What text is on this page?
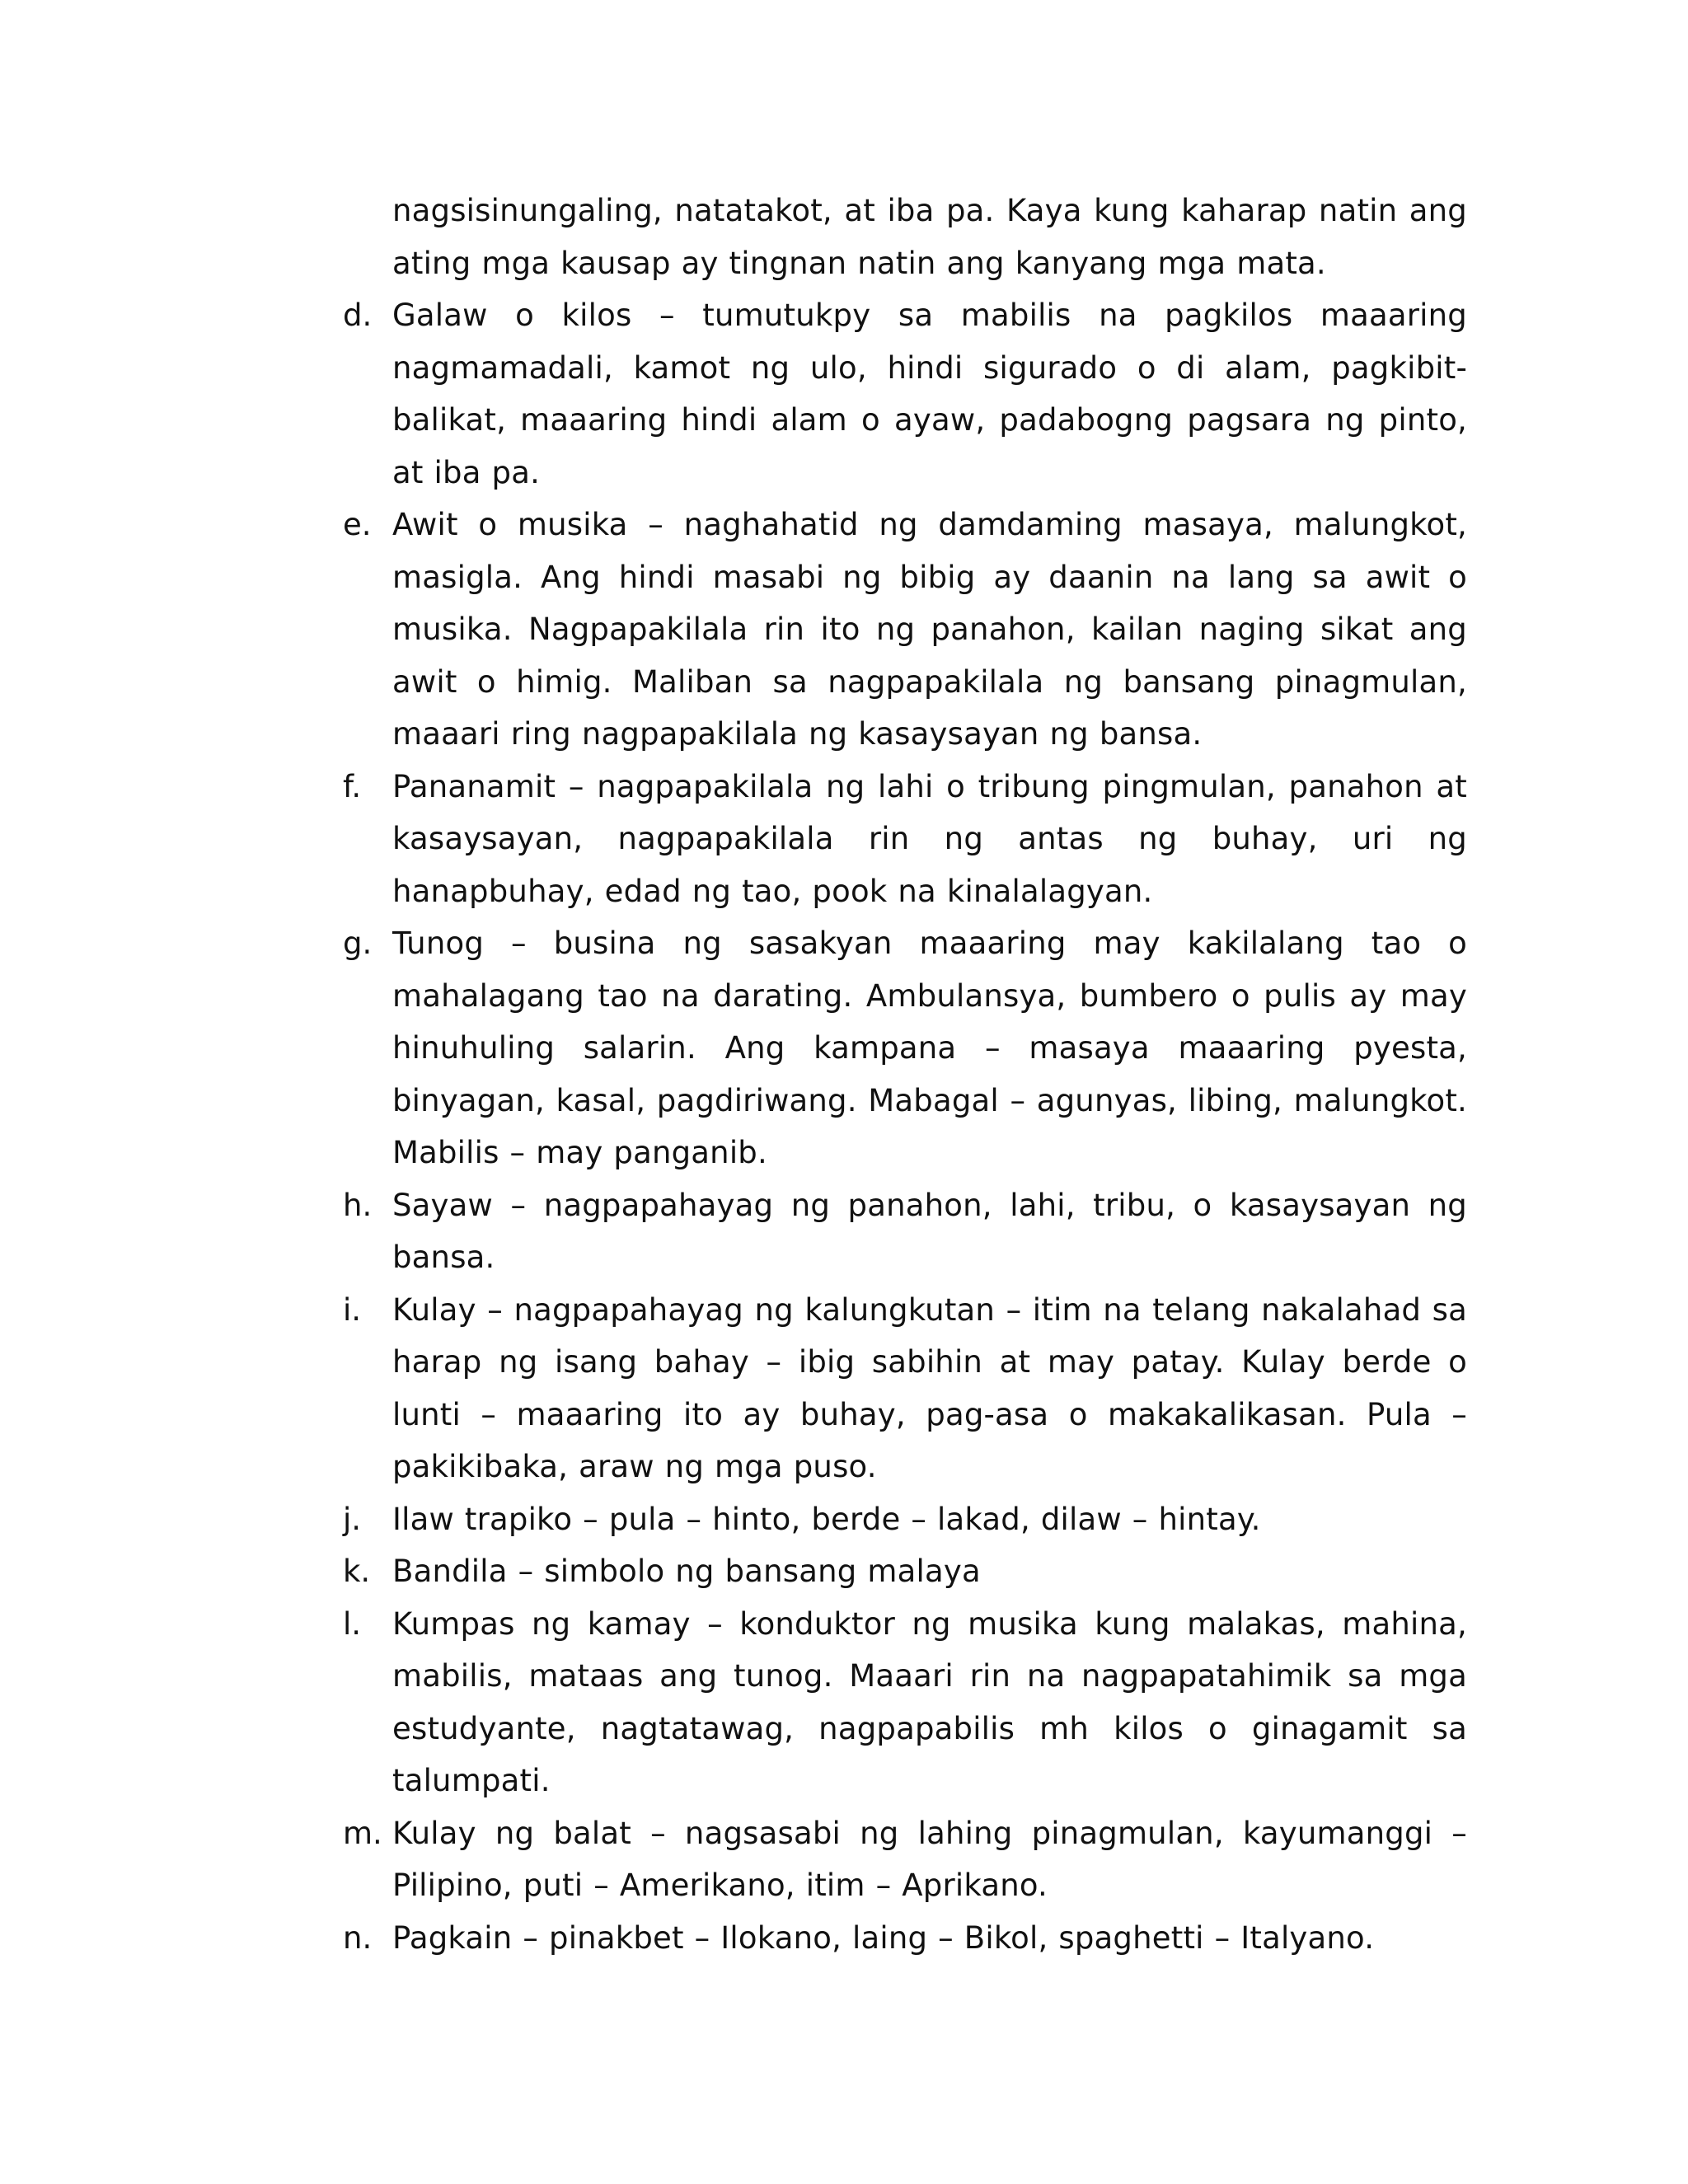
nagsisinungaling, natatakot, at iba pa. Kaya kung kaharap natin ang ating mga kausap ay tingnan natin ang kanyang mga mata.
d. Galaw o kilos – tumutukpy sa mabilis na pagkilos maaaring nagmamadali, kamot ng ulo, hindi sigurado o di alam, pagkibit-balikat, maaaring hindi alam o ayaw, padabogng pagsara ng pinto, at iba pa.
e. Awit o musika – naghahatid ng damdaming masaya, malungkot, masigla. Ang hindi masabi ng bibig ay daanin na lang sa awit o musika. Nagpapakilala rin ito ng panahon, kailan naging sikat ang awit o himig. Maliban sa nagpapakilala ng bansang pinagmulan, maaari ring nagpapakilala ng kasaysayan ng bansa.
f.	Pananamit – nagpapakilala ng lahi o tribung pingmulan, panahon at kasaysayan, nagpapakilala rin ng antas ng buhay, uri ng hanapbuhay, edad ng tao, pook na kinalalagyan.
g. Tunog – busina ng sasakyan maaaring may kakilalang tao o mahalagang tao na darating. Ambulansya, bumbero o pulis ay may hinuhuling salarin. Ang kampana – masaya maaaring pyesta, binyagan, kasal, pagdiriwang. Mabagal – agunyas, libing, malungkot. Mabilis – may panganib.
h. Sayaw – nagpapahayag ng panahon, lahi, tribu, o kasaysayan ng bansa.
i.	Kulay – nagpapahayag ng kalungkutan – itim na telang nakalahad sa harap ng isang bahay – ibig sabihin at may patay. Kulay berde o lunti – maaaring ito ay buhay, pag-asa o makakalikasan. Pula – pakikibaka, araw ng mga puso.
j.	Ilaw trapiko – pula – hinto, berde – lakad, dilaw – hintay.
k. Bandila – simbolo ng bansang malaya
l.	Kumpas ng kamay – konduktor ng musika kung malakas, mahina, mabilis, mataas ang tunog. Maaari rin na nagpapatahimik sa mga estudyante, nagtatawag, nagpapabilis mh kilos o ginagamit sa talumpati.
m. Kulay ng balat – nagsasabi ng lahing pinagmulan, kayumanggi – Pilipino, puti – Amerikano, itim – Aprikano.
n. Pagkain – pinakbet – Ilokano, laing – Bikol, spaghetti – Italyano.
